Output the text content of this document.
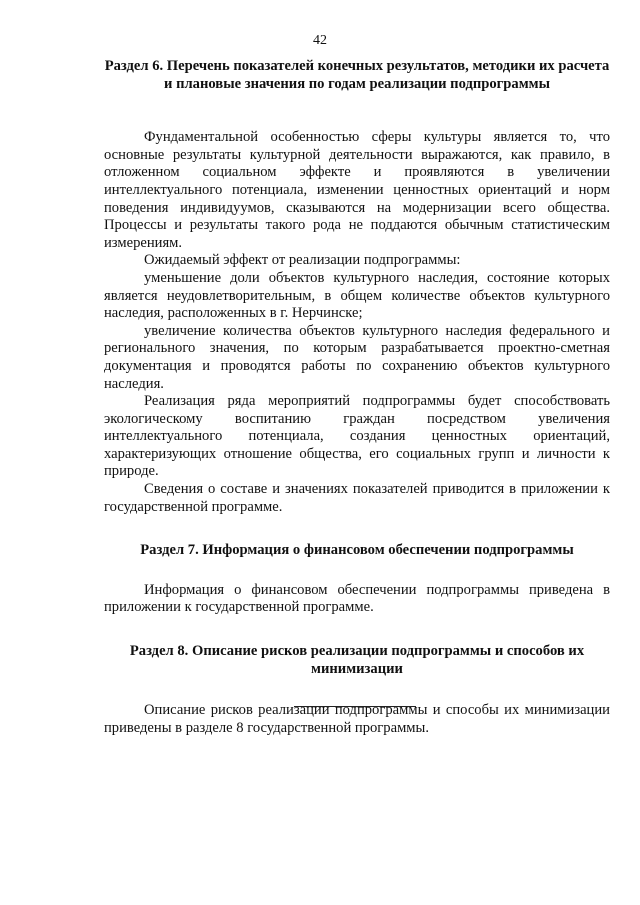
42

Раздел 6. Перечень показателей конечных результатов, методики их расчета и плановые значения по годам реализации подпрограммы

Фундаментальной особенностью сферы культуры является то, что основные результаты культурной деятельности выражаются, как правило, в отложенном социальном эффекте и проявляются в увеличении интеллектуального потенциала, изменении ценностных ориентаций и норм поведения индивидуумов, сказываются на модернизации всего общества. Процессы и результаты такого рода не поддаются обычным статистическим измерениям.

Ожидаемый эффект от реализации подпрограммы:

уменьшение доли объектов культурного наследия, состояние которых является неудовлетворительным, в общем количестве объектов культурного наследия, расположенных в г. Нерчинске;

увеличение количества объектов культурного наследия федерального и регионального значения, по которым разрабатывается проектно-сметная документация и проводятся работы по сохранению объектов культурного наследия.

Реализация ряда мероприятий подпрограммы будет способствовать экологическому воспитанию граждан посредством увеличения интеллектуального потенциала, создания ценностных ориентаций, характеризующих отношение общества, его социальных групп и личности к природе.

Сведения о составе и значениях показателей приводится в приложении к государственной программе.

Раздел 7. Информация о финансовом обеспечении подпрограммы

Информация о финансовом обеспечении подпрограммы приведена в приложении к государственной программе.

Раздел 8. Описание рисков реализации подпрограммы и способов их минимизации

Описание рисков реализации подпрограммы и способы их минимизации приведены в разделе 8 государственной программы.
